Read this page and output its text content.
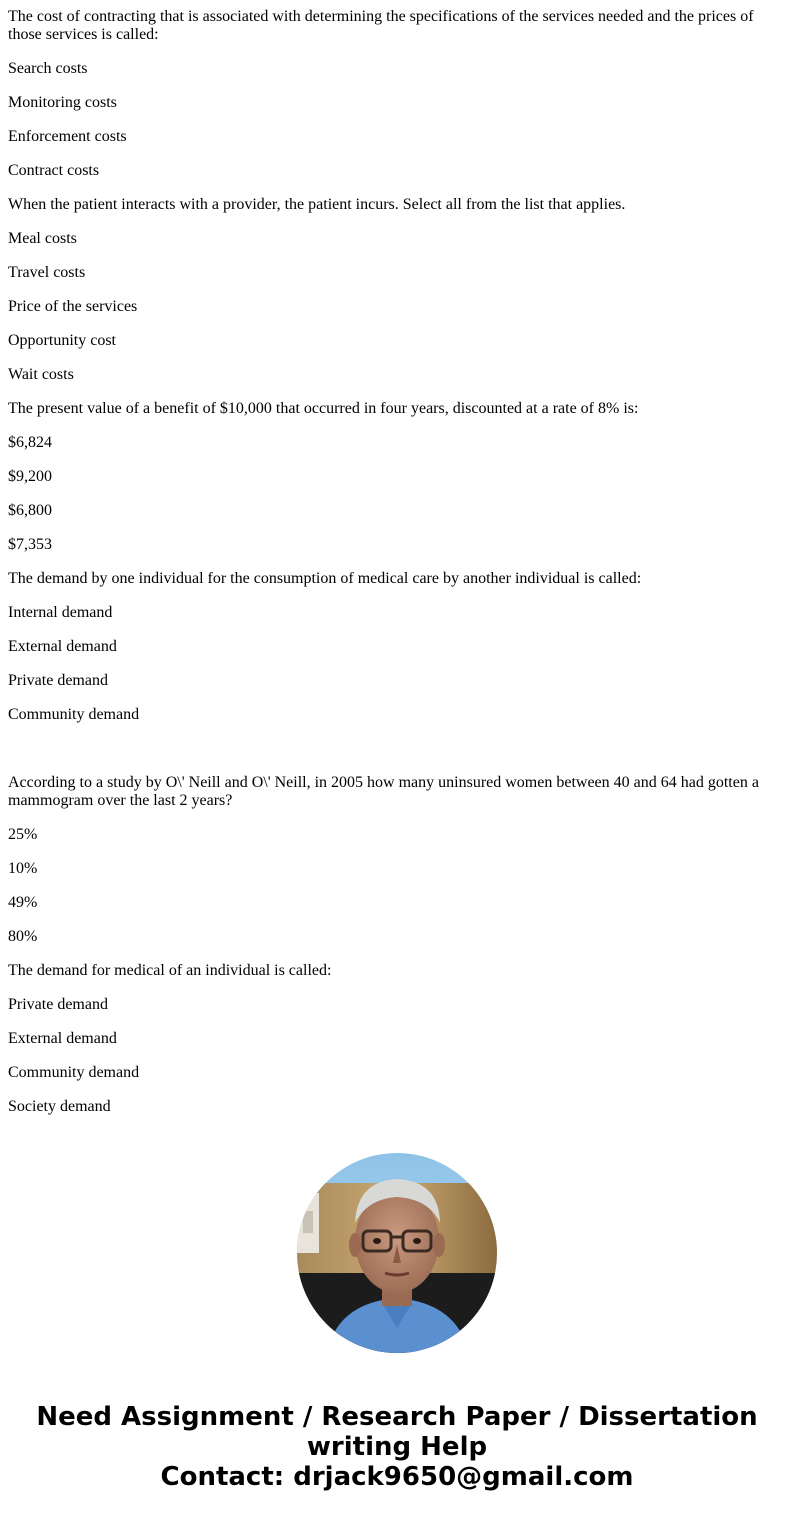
The cost of contracting that is associated with determining the specifications of the services needed and the prices of those services is called:

Search costs

Monitoring costs

Enforcement costs

Contract costs

When the patient interacts with a provider, the patient incurs. Select all from the list that applies.

Meal costs

Travel costs

Price of the services

Opportunity cost

Wait costs

The present value of a benefit of $10,000 that occurred in four years, discounted at a rate of 8% is:

$6,824

$9,200

$6,800

$7,353

The demand by one individual for the consumption of medical care by another individual is called:

Internal demand

External demand

Private demand

Community demand

According to a study by O\' Neill and O\' Neill, in 2005 how many uninsured women between 40 and 64 had gotten a mammogram over the last 2 years?

25%

10%

49%

80%

The demand for medical of an individual is called:

Private demand

External demand

Community demand

Society demand

Need Assignment / Research Paper / Dissertation
writing Help
Contact: drjack9650@gmail.com
